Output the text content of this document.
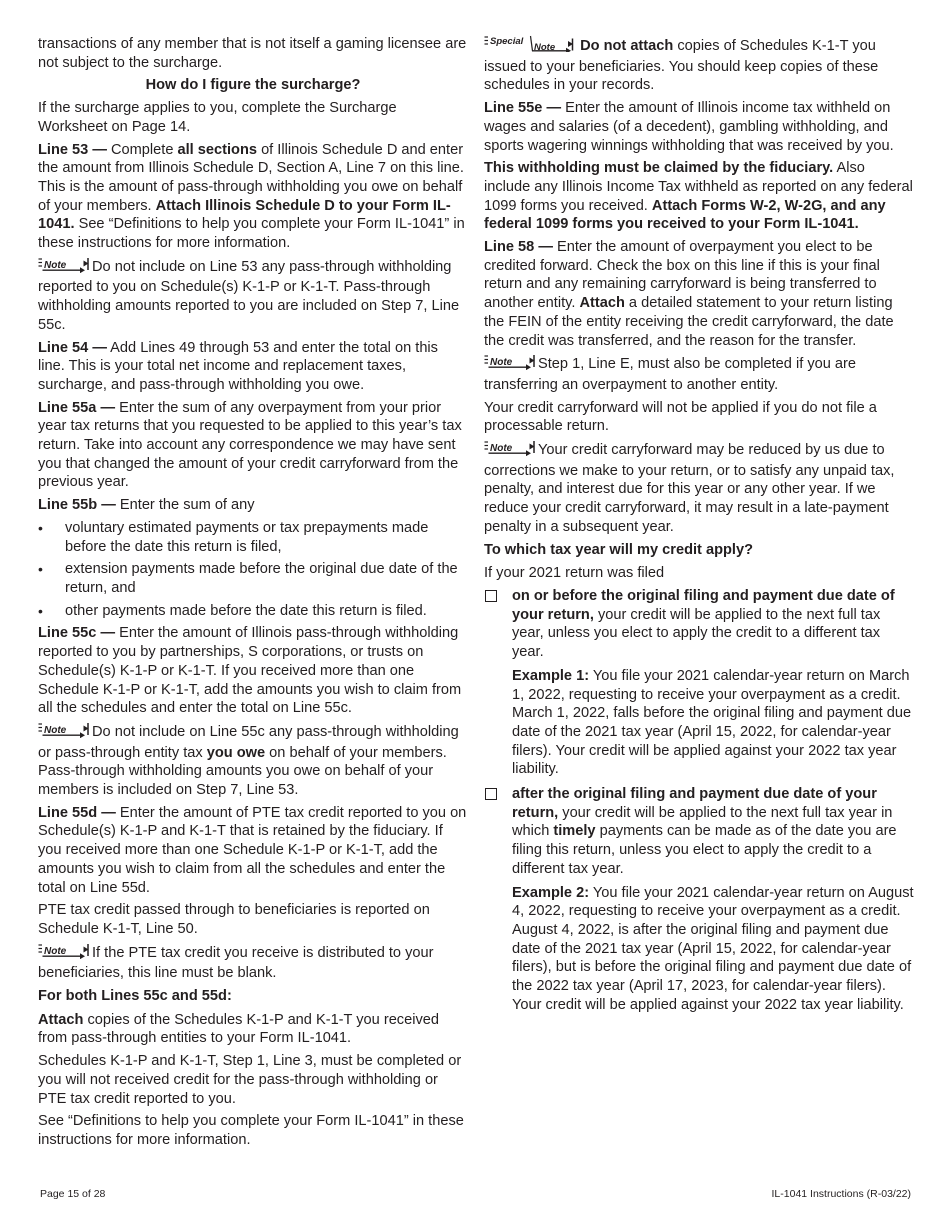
transactions of any member that is not itself a gaming licensee are not subject to the surcharge.

How do I figure the surcharge?

If the surcharge applies to you, complete the Surcharge Worksheet on Page 14.

Line 53 — Complete all sections of Illinois Schedule D and enter the amount from Illinois Schedule D, Section A, Line 7 on this line. This is the amount of pass-through withholding you owe on behalf of your members. Attach Illinois Schedule D to your Form IL-1041. See “Definitions to help you complete your Form IL-1041” in these instructions for more information.

Note Do not include on Line 53 any pass-through withholding reported to you on Schedule(s) K-1-P or K-1-T. Pass-through withholding amounts reported to you are included on Step 7, Line 55c.

Line 54 — Add Lines 49 through 53 and enter the total on this line. This is your total net income and replacement taxes, surcharge, and pass-through withholding you owe.

Line 55a — Enter the sum of any overpayment from your prior year tax returns that you requested to be applied to this year’s tax return. Take into account any correspondence we may have sent you that changed the amount of your credit carryforward from the previous year.

Line 55b — Enter the sum of any

• voluntary estimated payments or tax prepayments made before the date this return is filed,
• extension payments made before the original due date of the return, and
• other payments made before the date this return is filed.

Line 55c — Enter the amount of Illinois pass-through withholding reported to you by partnerships, S corporations, or trusts on Schedule(s) K-1-P or K-1-T. If you received more than one Schedule K-1-P or K-1-T, add the amounts you wish to claim from all the schedules and enter the total on Line 55c.

Note Do not include on Line 55c any pass-through withholding or pass-through entity tax you owe on behalf of your members. Pass-through withholding amounts you owe on behalf of your members is included on Step 7, Line 53.

Line 55d — Enter the amount of PTE tax credit reported to you on Schedule(s) K-1-P and K-1-T that is retained by the fiduciary. If you received more than one Schedule K-1-P or K-1-T, add the amounts you wish to claim from all the schedules and enter the total on Line 55d.

PTE tax credit passed through to beneficiaries is reported on Schedule K-1-T, Line 50.

Note If the PTE tax credit you receive is distributed to your beneficiaries, this line must be blank.

For both Lines 55c and 55d:

Attach copies of the Schedules K-1-P and K-1-T you received from pass-through entities to your Form IL-1041.

Schedules K-1-P and K-1-T, Step 1, Line 3, must be completed or you will not received credit for the pass-through withholding or PTE tax credit reported to you.

See “Definitions to help you complete your Form IL-1041” in these instructions for more information.

Special
Note Do not attach copies of Schedules K-1-T you issued to your beneficiaries. You should keep copies of these schedules in your records.

Line 55e — Enter the amount of Illinois income tax withheld on wages and salaries (of a decedent), gambling withholding, and sports wagering winnings withholding that was received by you.

This withholding must be claimed by the fiduciary. Also include any Illinois Income Tax withheld as reported on any federal 1099 forms you received. Attach Forms W-2, W-2G, and any federal 1099 forms you received to your Form IL-1041.

Line 58 — Enter the amount of overpayment you elect to be credited forward. Check the box on this line if this is your final return and any remaining carryforward is being transferred to another entity. Attach a detailed statement to your return listing the FEIN of the entity receiving the credit carryforward, the date the credit was transferred, and the reason for the transfer.

Note Step 1, Line E, must also be completed if you are transferring an overpayment to another entity.

Your credit carryforward will not be applied if you do not file a processable return.

Note Your credit carryforward may be reduced by us due to corrections we make to your return, or to satisfy any unpaid tax, penalty, and interest due for this year or any other year. If we reduce your credit carryforward, it may result in a late-payment penalty in a subsequent year.

To which tax year will my credit apply?

If your 2021 return was filed

on or before the original filing and payment due date of your return, your credit will be applied to the next full tax year, unless you elect to apply the credit to a different tax year.

Example 1: You file your 2021 calendar-year return on March 1, 2022, requesting to receive your overpayment as a credit. March 1, 2022, falls before the original filing and payment due date of the 2021 tax year (April 15, 2022, for calendar-year filers). Your credit will be applied against your 2022 tax year liability.

after the original filing and payment due date of your return, your credit will be applied to the next full tax year in which timely payments can be made as of the date you are filing this return, unless you elect to apply the credit to a different tax year.

Example 2: You file your 2021 calendar-year return on August 4, 2022, requesting to receive your overpayment as a credit. August 4, 2022, is after the original filing and payment due date of the 2021 tax year (April 15, 2022, for calendar-year filers), but is before the original filing and payment due date of the 2022 tax year (April 17, 2023, for calendar-year filers). Your credit will be applied against your 2022 tax year liability.

Page 15 of 28	IL-1041 Instructions (R-03/22)
